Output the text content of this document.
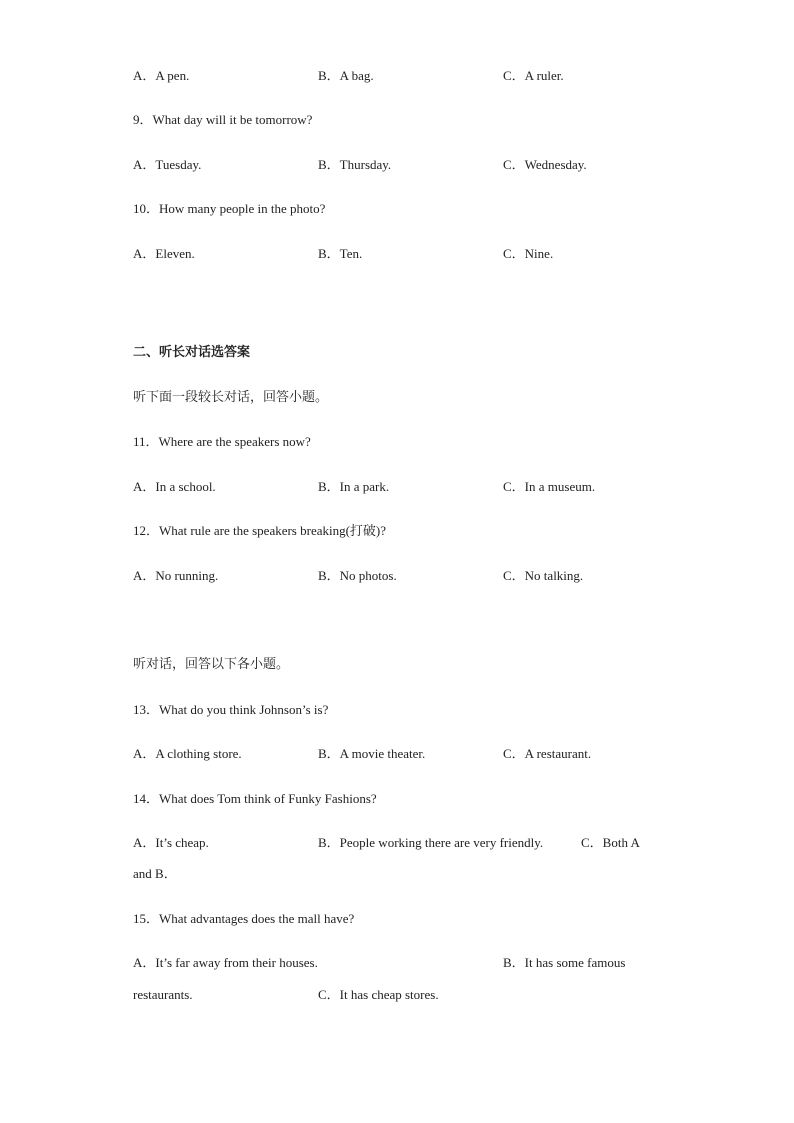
A．A pen.	B．A bag.	C．A ruler.
9．What day will it be tomorrow?
A．Tuesday.	B．Thursday.	C．Wednesday.
10．How many people in the photo?
A．Eleven.	B．Ten.	C．Nine.
二、听长对话选答案
听下面一段较长对话，回答小题。
11．Where are the speakers now?
A．In a school.	B．In a park.	C．In a museum.
12．What rule are the speakers breaking(打破)?
A．No running.	B．No photos.	C．No talking.
听对话，回答以下各小题。
13．What do you think Johnson’s is?
A．A clothing store.	B．A movie theater.	C．A restaurant.
14．What does Tom think of Funky Fashions?
A．It’s cheap.	B．People working there are very friendly.	C．Both A
and B．
15．What advantages does the mall have?
A．It’s far away from their houses.	B．It has some famous
restaurants.	C．It has cheap stores.
